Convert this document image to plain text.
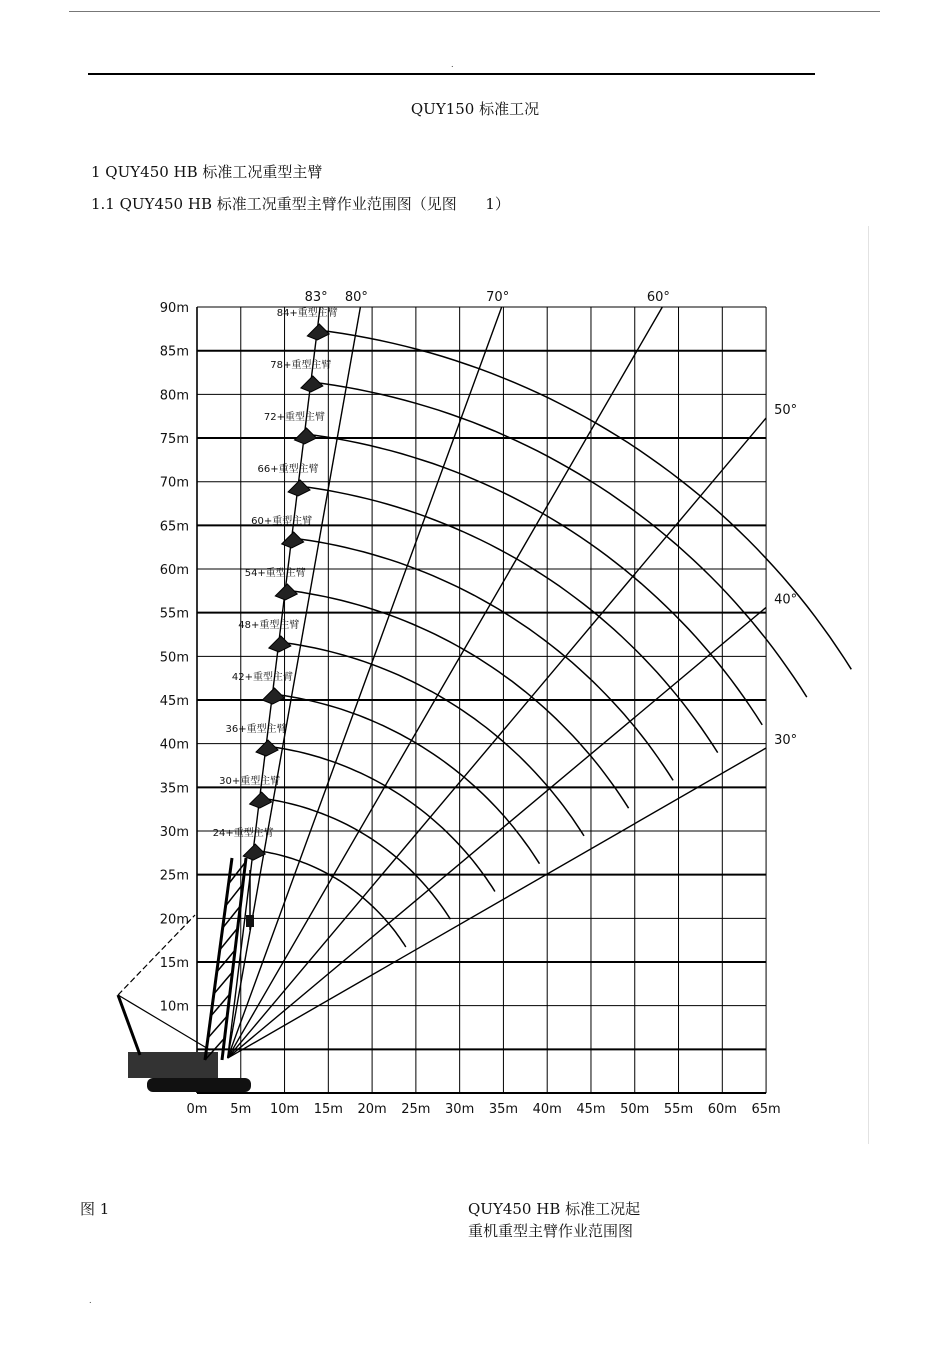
.
QUY150 标准工况
1 QUY450 HB 标准工况重型主臂
1.1 QUY450 HB 标准工况重型主臂作业范围图（见图      1）
0m 5m 10m 15m 20m 25m 30m 35m 40m 45m 50m 55m 60m 65m
90m
85m
80m
75m
70m
65m
60m
55m
50m
45m
40m
35m
30m
25m
20m
15m
10m
83° 80°	70°	60°
50°
40°
30°
84+重型主臂
78+重型主臂
72+重型主臂
66+重型主臂
60+重型主臂
54+重型主臂
48+重型主臂
42+重型主臂
36+重型主臂
30+重型主臂
24+重型主臂
图 1	QUY450 HB 标准工况起
重机重型主臂作业范围图
.
